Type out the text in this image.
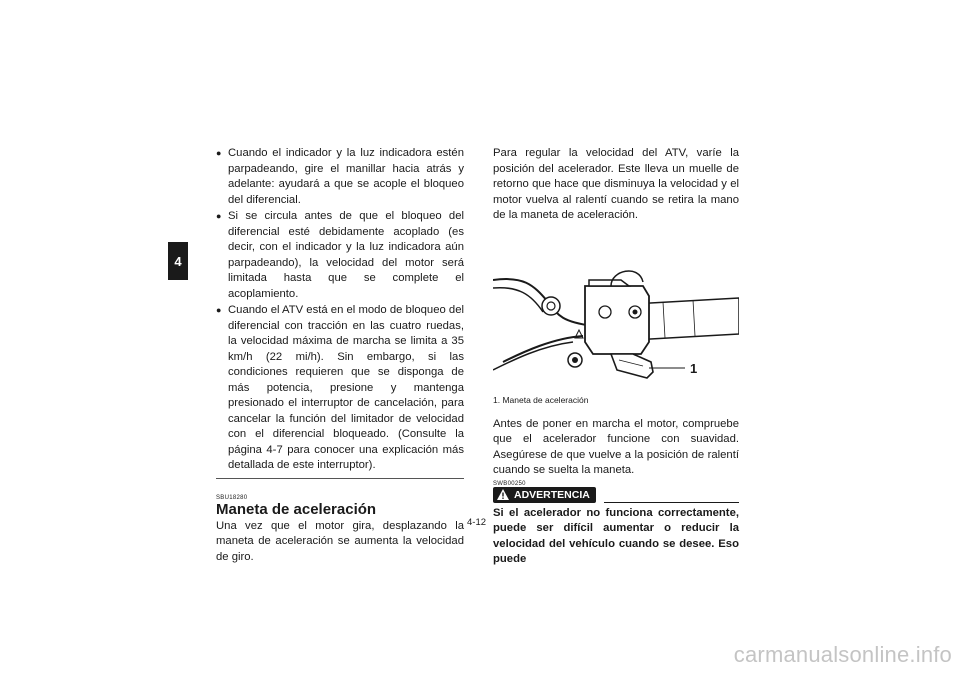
4
● Cuando el indicador y la luz indicadora estén parpadeando, gire el manillar hacia atrás y adelante: ayudará a que se acople el bloqueo del diferencial.

● Si se circula antes de que el bloqueo del diferencial esté debidamente acoplado (es decir, con el indicador y la luz indicadora aún parpadeando), la velocidad del motor será limitada hasta que se complete el acoplamiento.

● Cuando el ATV está en el modo de bloqueo del diferencial con tracción en las cuatro ruedas, la velocidad máxima de marcha se limita a 35 km/h (22 mi/h). Sin embargo, si las condiciones requieren que se disponga de más potencia, presione y mantenga presionado el interruptor de cancelación, para cancelar la función del limitador de velocidad con el diferencial bloqueado. (Consulte la página 4-7 para conocer una explicación más detallada de este interruptor).

SBU18280
Maneta de aceleración

Una vez que el motor gira, desplazando la maneta de aceleración se aumenta la velocidad de giro.

Para regular la velocidad del ATV, varíe la posición del acelerador. Este lleva un muelle de retorno que hace que disminuya la velocidad y el motor vuelva al ralentí cuando se retira la mano de la maneta de aceleración.

1
1. Maneta de aceleración

Antes de poner en marcha el motor, compruebe que el acelerador funcione con suavidad. Asegúrese de que vuelve a la posición de ralentí cuando se suelta la maneta.

SWB00250
ADVERTENCIA

Si el acelerador no funciona correctamente, puede ser difícil aumentar o reducir la velocidad del vehículo cuando se desee. Eso puede

4-12
carmanualsonline.info
